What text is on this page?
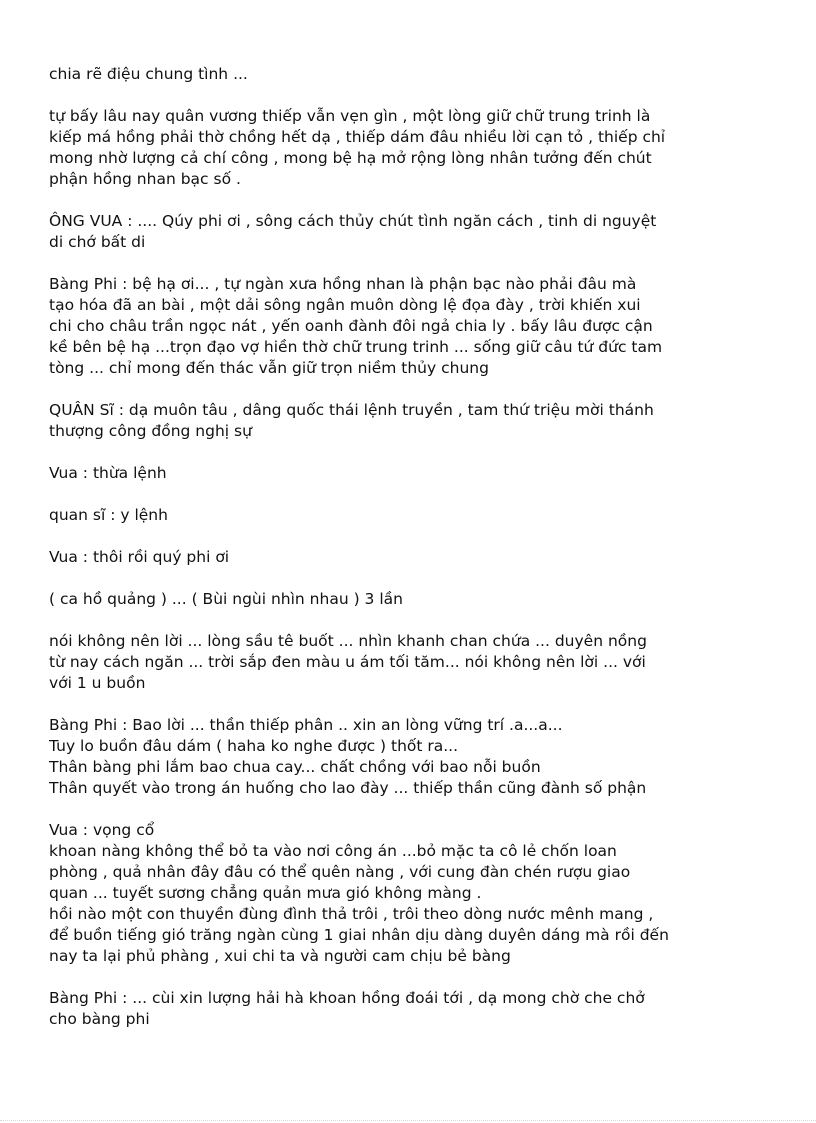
chia rẽ điệu chung tình ...

tự bấy lâu nay quân vương thiếp vẫn vẹn gìn , một lòng giữ chữ trung trinh là
kiếp má hồng phải thờ chồng hết dạ , thiếp dám đâu nhiều lời cạn tỏ , thiếp chỉ
mong nhờ lượng cả chí công , mong bệ hạ mở rộng lòng nhân tưởng đến chút
phận hồng nhan bạc số .

ÔNG VUA : .... Qúy phi ơi , sông cách thủy chút tình ngăn cách , tinh di nguyệt
di chớ bất di

Bàng Phi : bệ hạ ơi... , tự ngàn xưa hồng nhan là phận bạc nào phải đâu mà
tạo hóa đã an bài , một dải sông ngân muôn dòng lệ đọa đày , trời khiến xui
chi cho châu trần ngọc nát , yến oanh đành đôi ngả chia ly . bấy lâu được cận
kề bên bệ hạ ...trọn đạo vợ hiền thờ chữ trung trinh ... sống giữ câu tứ đức tam
tòng ... chỉ mong đến thác vẫn giữ trọn niềm thủy chung

QUÂN Sĩ : dạ muôn tâu , dâng quốc thái lệnh truyền , tam thứ triệu mời thánh
thượng công đồng nghị sự

Vua : thừa lệnh

quan sĩ : y lệnh

Vua : thôi rồi quý phi ơi

( ca hồ quảng ) ... ( Bùi ngùi nhìn nhau ) 3 lần

nói không nên lời ... lòng sầu tê buốt ... nhìn khanh chan chứa ... duyên nồng
từ nay cách ngăn ... trời sắp đen màu u ám tối tăm... nói không nên lời ... với
với 1 u buồn

Bàng Phi : Bao lời ... thần thiếp phân .. xin an lòng vững trí .a...a...
Tuy lo buồn đâu dám ( haha ko nghe được ) thốt ra...
Thân bàng phi lắm bao chua cay... chất chồng với bao nỗi buồn
Thân quyết vào trong án huống cho lao đày ... thiếp thần cũng đành số phận

Vua : vọng cổ
khoan nàng không thể bỏ ta vào nơi công án ...bỏ mặc ta cô lẻ chốn loan
phòng , quả nhân đây đâu có thể quên nàng , với cung đàn chén rượu giao
quan ... tuyết sương chẳng quản mưa gió không màng .
hồi nào một con thuyền đùng đình thả trôi , trôi theo dòng nước mênh mang ,
để buồn tiếng gió trăng ngàn cùng 1 giai nhân dịu dàng duyên dáng mà rồi đến
nay ta lại phủ phàng , xui chi ta và người cam chịu bẻ bàng

Bàng Phi : ... cùi xin lượng hải hà khoan hồng đoái tới , dạ mong chờ che chở
cho bàng phi
